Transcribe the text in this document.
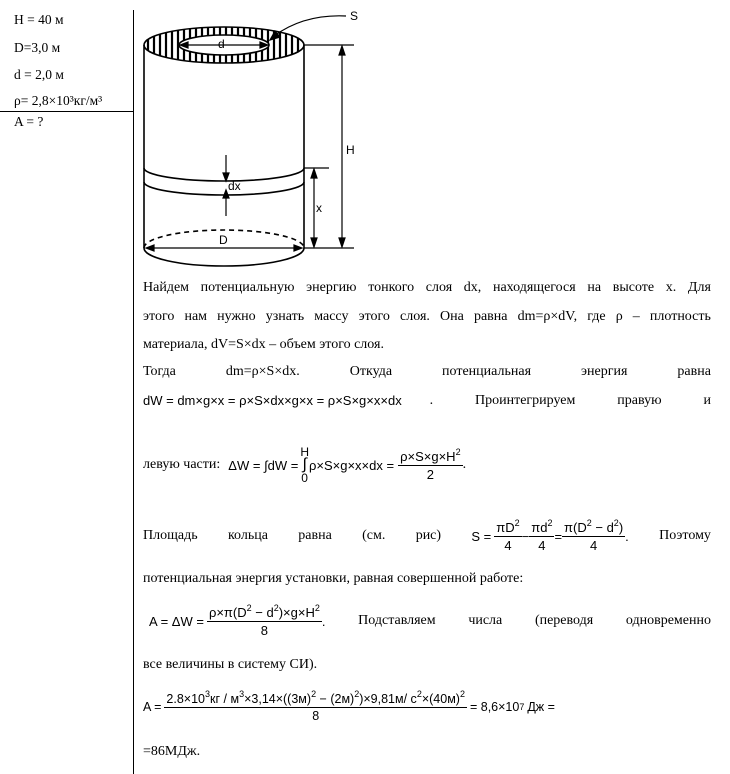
H = 40 м
D=3,0 м
d = 2,0 м
ρ= 2,8×10³кг/м³
A = ?
S
d
H
dx
x
D
Найдем потенциальную энергию тонкого слоя dx, находящегося на высоте x. Для
этого нам нужно узнать массу этого слоя. Она равна dm=ρ×dV, где ρ – плотность
материала, dV=S×dx – объем этого слоя.
Тогда	dm=ρ×S×dx.	Откуда	потенциальная	энергия	равна
dW = dm×g×x = ρ×S×dx×g×x = ρ×S×g×x×dx .	Проинтегрируем	правую	и
левую части: ΔW = ∫dW =
H
∫
0
$\rho\times S\times g\times x\times dx = \frac{\rho\times S\times g\times H^2}{2}$ .
Площадь кольца равна (см. рис) $S = \frac{\pi D^2}{4} - \frac{\pi d^2}{4} = \frac{\pi(D^2 - d^2)}{4}$ . Поэтому
потенциальная энергия установки, равная совершенной работе:
$A = \Delta W = \frac{\rho\times\pi(D^2 - d^2)\times g\times H^2}{8}$ . Подставляем числа (переводя одновременно
все величины в систему СИ).
$A = \frac{2.8\times 10^3кг / м^3\times 3,14\times((3м)^2 - (2м)^2)\times 9,81м/ с^2\times(40м)^2}{8} = 8,6\times 10$ 7 Дж =
=86МДж.
